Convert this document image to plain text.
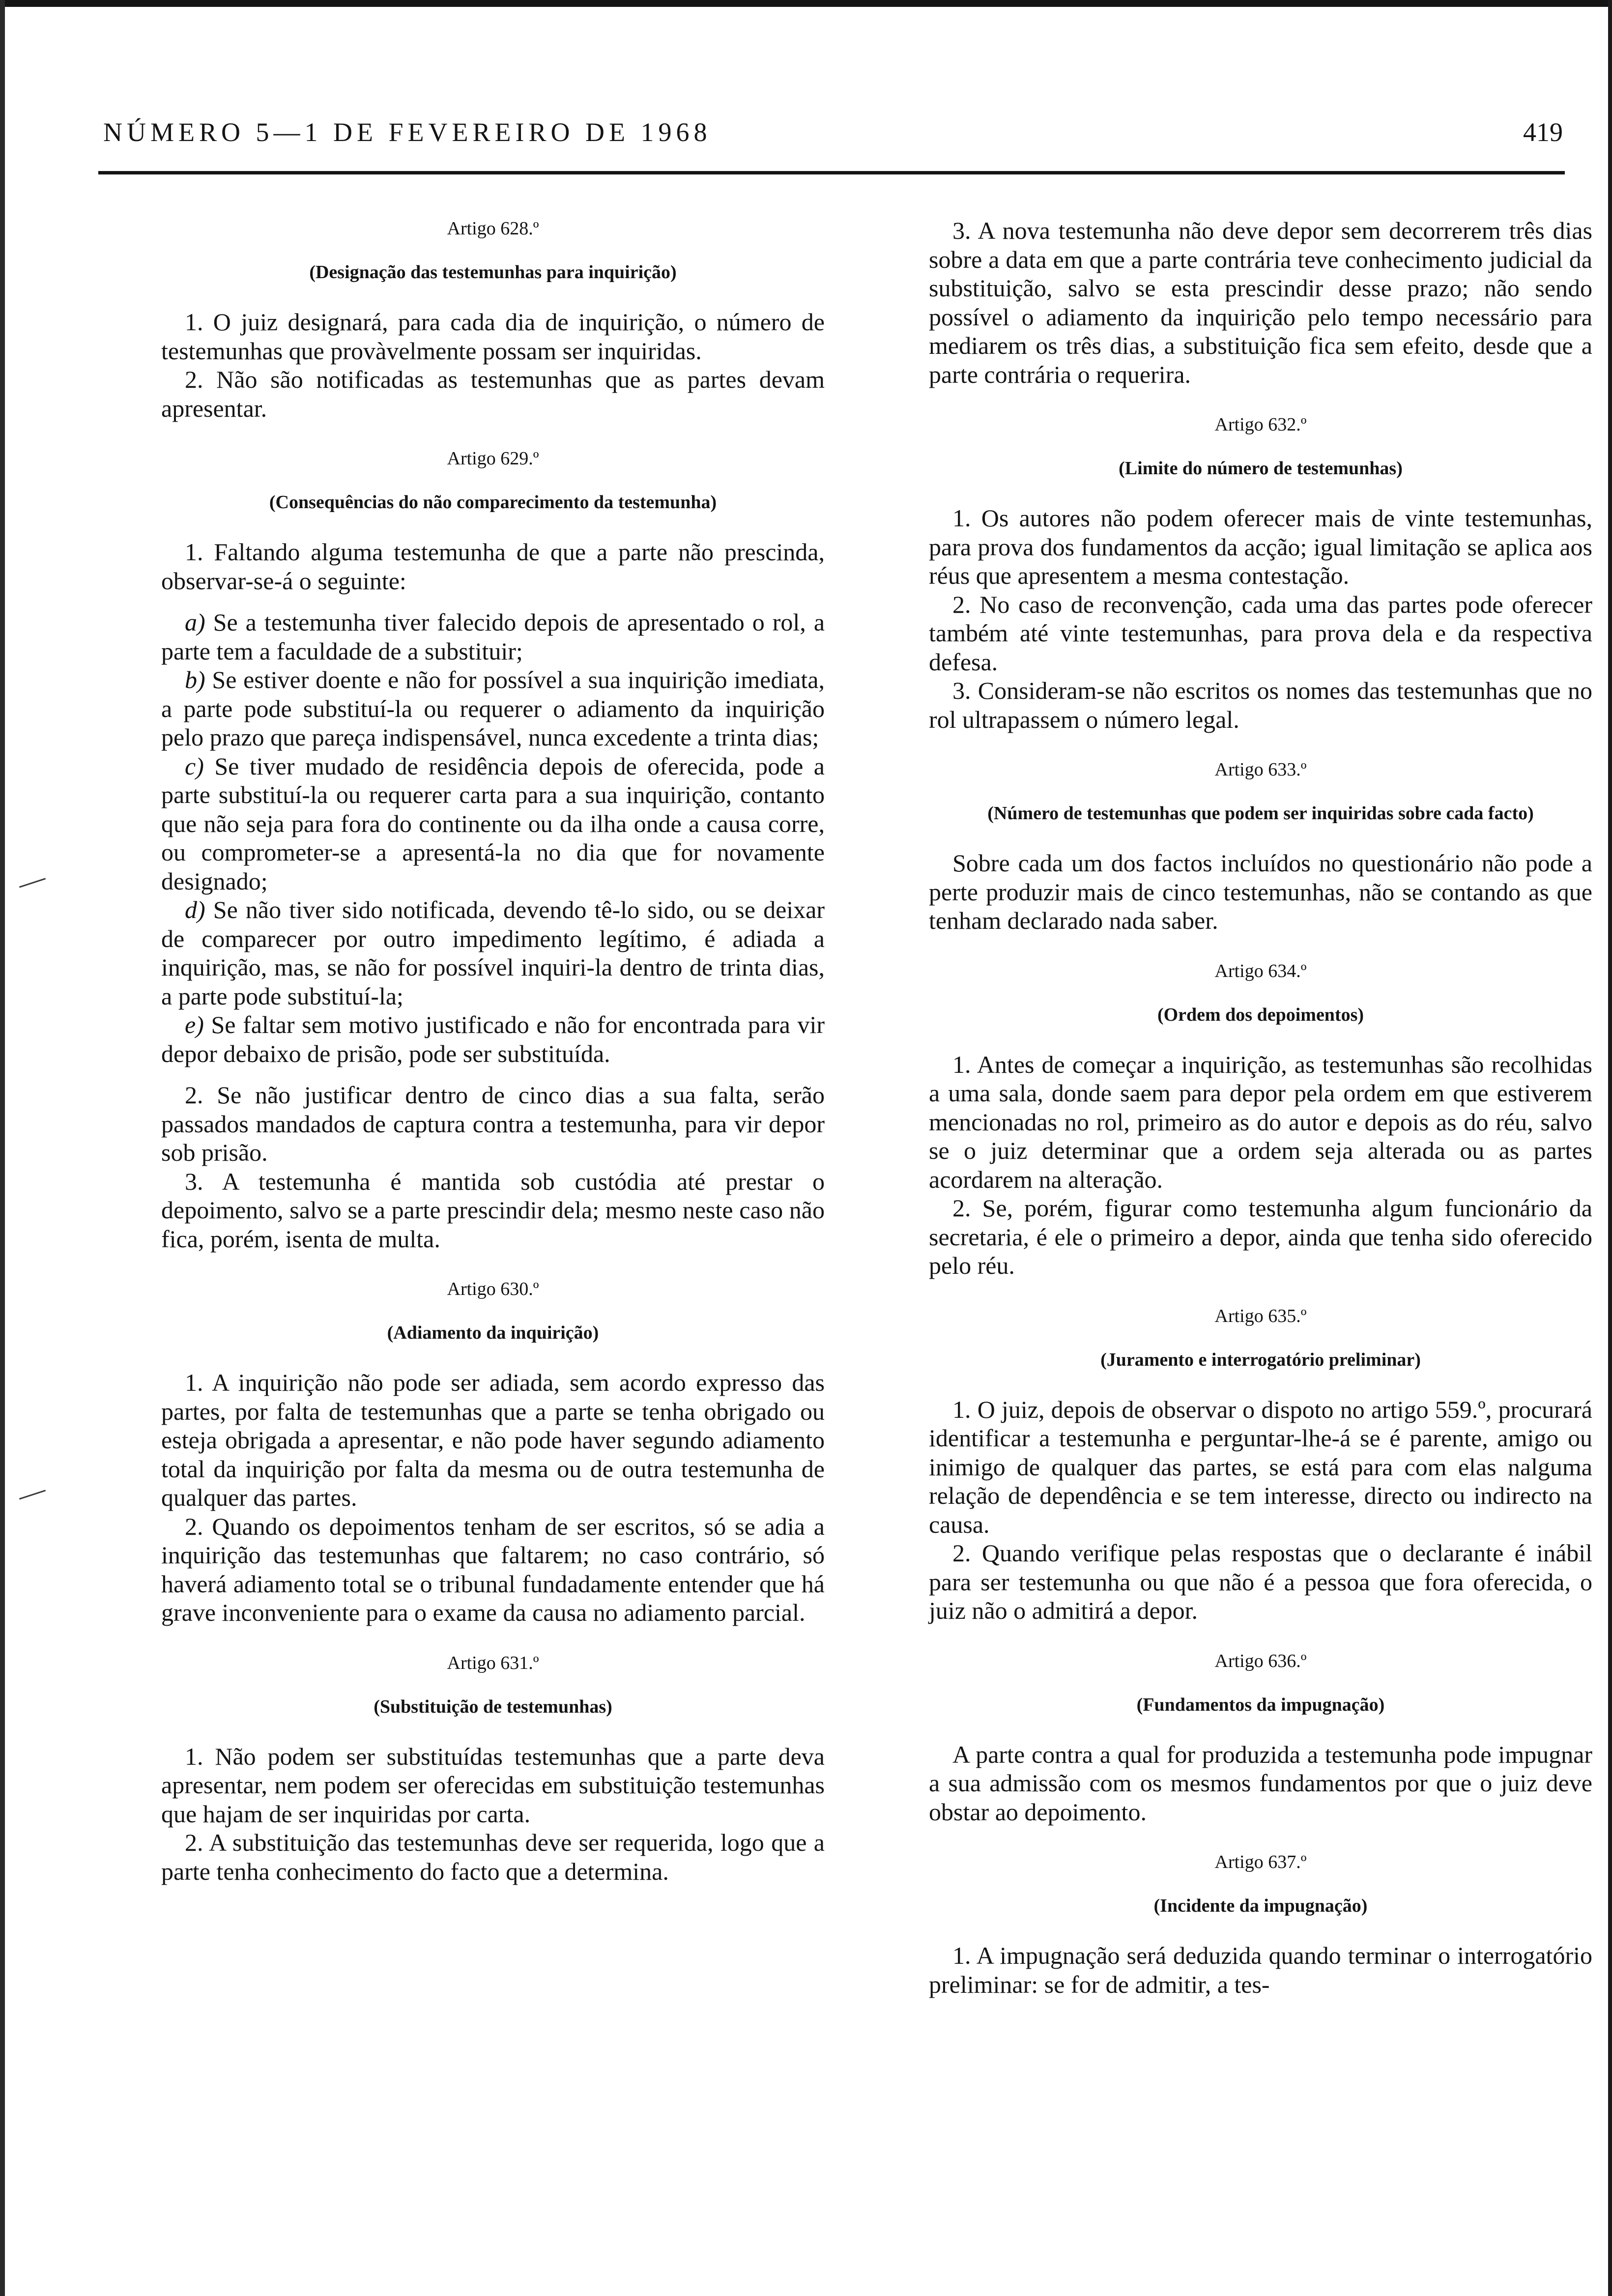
NÚMERO 5—1 DE FEVEREIRO DE 1968	419
Artigo 628.º
(Designação das testemunhas para inquirição)

1. O juiz designará, para cada dia de inquirição, o número de testemunhas que provàvelmente possam ser inquiridas.

2. Não são notificadas as testemunhas que as partes devam apresentar.

Artigo 629.º
(Consequências do não comparecimento da testemunha)

1. Faltando alguma testemunha de que a parte não prescinda, observar-se-á o seguinte:

a) Se a testemunha tiver falecido depois de apresentado o rol, a parte tem a faculdade de a substituir;

b) Se estiver doente e não for possível a sua inquirição imediata, a parte pode substituí-la ou requerer o adiamento da inquirição pelo prazo que pareça indispensável, nunca excedente a trinta dias;

c) Se tiver mudado de residência depois de oferecida, pode a parte substituí-la ou requerer carta para a sua inquirição, contanto que não seja para fora do continente ou da ilha onde a causa corre, ou comprometer-se a apresentá-la no dia que for novamente designado;

d) Se não tiver sido notificada, devendo tê-lo sido, ou se deixar de comparecer por outro impedimento legítimo, é adiada a inquirição, mas, se não for possível inquiri-la dentro de trinta dias, a parte pode substituí-la;

e) Se faltar sem motivo justificado e não for encontrada para vir depor debaixo de prisão, pode ser substituída.

2. Se não justificar dentro de cinco dias a sua falta, serão passados mandados de captura contra a testemunha, para vir depor sob prisão.

3. A testemunha é mantida sob custódia até prestar o depoimento, salvo se a parte prescindir dela; mesmo neste caso não fica, porém, isenta de multa.

Artigo 630.º
(Adiamento da inquirição)

1. A inquirição não pode ser adiada, sem acordo expresso das partes, por falta de testemunhas que a parte se tenha obrigado ou esteja obrigada a apresentar, e não pode haver segundo adiamento total da inquirição por falta da mesma ou de outra testemunha de qualquer das partes.

2. Quando os depoimentos tenham de ser escritos, só se adia a inquirição das testemunhas que faltarem; no caso contrário, só haverá adiamento total se o tribunal fundadamente entender que há grave inconveniente para o exame da causa no adiamento parcial.

Artigo 631.º
(Substituição de testemunhas)

1. Não podem ser substituídas testemunhas que a parte deva apresentar, nem podem ser oferecidas em substituição testemunhas que hajam de ser inquiridas por carta.

2. A substituição das testemunhas deve ser requerida, logo que a parte tenha conhecimento do facto que a determina.

3. A nova testemunha não deve depor sem decorrerem três dias sobre a data em que a parte contrária teve conhecimento judicial da substituição, salvo se esta prescindir desse prazo; não sendo possível o adiamento da inquirição pelo tempo necessário para mediarem os três dias, a substituição fica sem efeito, desde que a parte contrária o requerira.

Artigo 632.º
(Limite do número de testemunhas)

1. Os autores não podem oferecer mais de vinte testemunhas, para prova dos fundamentos da acção; igual limitação se aplica aos réus que apresentem a mesma contestação.

2. No caso de reconvenção, cada uma das partes pode oferecer também até vinte testemunhas, para prova dela e da respectiva defesa.

3. Consideram-se não escritos os nomes das testemunhas que no rol ultrapassem o número legal.

Artigo 633.º
(Número de testemunhas que podem ser inquiridas sobre cada facto)

Sobre cada um dos factos incluídos no questionário não pode a perte produzir mais de cinco testemunhas, não se contando as que tenham declarado nada saber.

Artigo 634.º
(Ordem dos depoimentos)

1. Antes de começar a inquirição, as testemunhas são recolhidas a uma sala, donde saem para depor pela ordem em que estiverem mencionadas no rol, primeiro as do autor e depois as do réu, salvo se o juiz determinar que a ordem seja alterada ou as partes acordarem na alteração.

2. Se, porém, figurar como testemunha algum funcionário da secretaria, é ele o primeiro a depor, ainda que tenha sido oferecido pelo réu.

Artigo 635.º
(Juramento e interrogatório preliminar)

1. O juiz, depois de observar o dispoto no artigo 559.º, procurará identificar a testemunha e perguntar-lhe-á se é parente, amigo ou inimigo de qualquer das partes, se está para com elas nalguma relação de dependência e se tem interesse, directo ou indirecto na causa.

2. Quando verifique pelas respostas que o declarante é inábil para ser testemunha ou que não é a pessoa que fora oferecida, o juiz não o admitirá a depor.

Artigo 636.º
(Fundamentos da impugnação)

A parte contra a qual for produzida a testemunha pode impugnar a sua admissão com os mesmos fundamentos por que o juiz deve obstar ao depoimento.

Artigo 637.º
(Incidente da impugnação)

1. A impugnação será deduzida quando terminar o interrogatório preliminar: se for de admitir, a tes-
